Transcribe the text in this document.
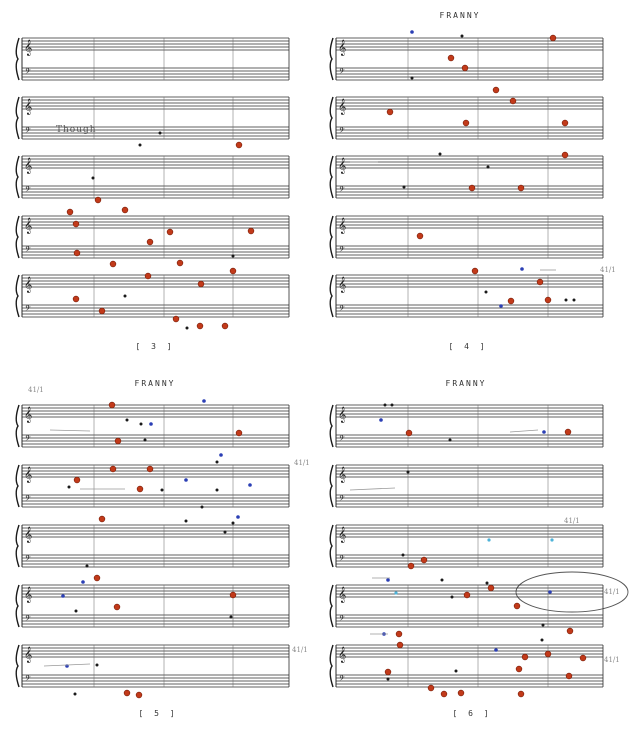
FRANNY
FRANNY	FRANNY
[ 3 ]	[ 4 ]
[ 5 ]	[ 6 ]
Though
41/1
41/1
41/1
41/1
41/1
41/1
41/1
𝄞
𝄢
𝄞
𝄢
𝄞
𝄢
𝄞
𝄢
𝄞
𝄢
𝄞
𝄢
𝄞
𝄢
𝄞
𝄢
𝄞
𝄢
𝄞
𝄢
𝄞
𝄢
𝄞
𝄢
𝄞
𝄢
𝄞
𝄢
𝄞
𝄢
𝄞
𝄢
𝄞
𝄢
𝄞
𝄢
𝄞
𝄢
𝄞
𝄢
